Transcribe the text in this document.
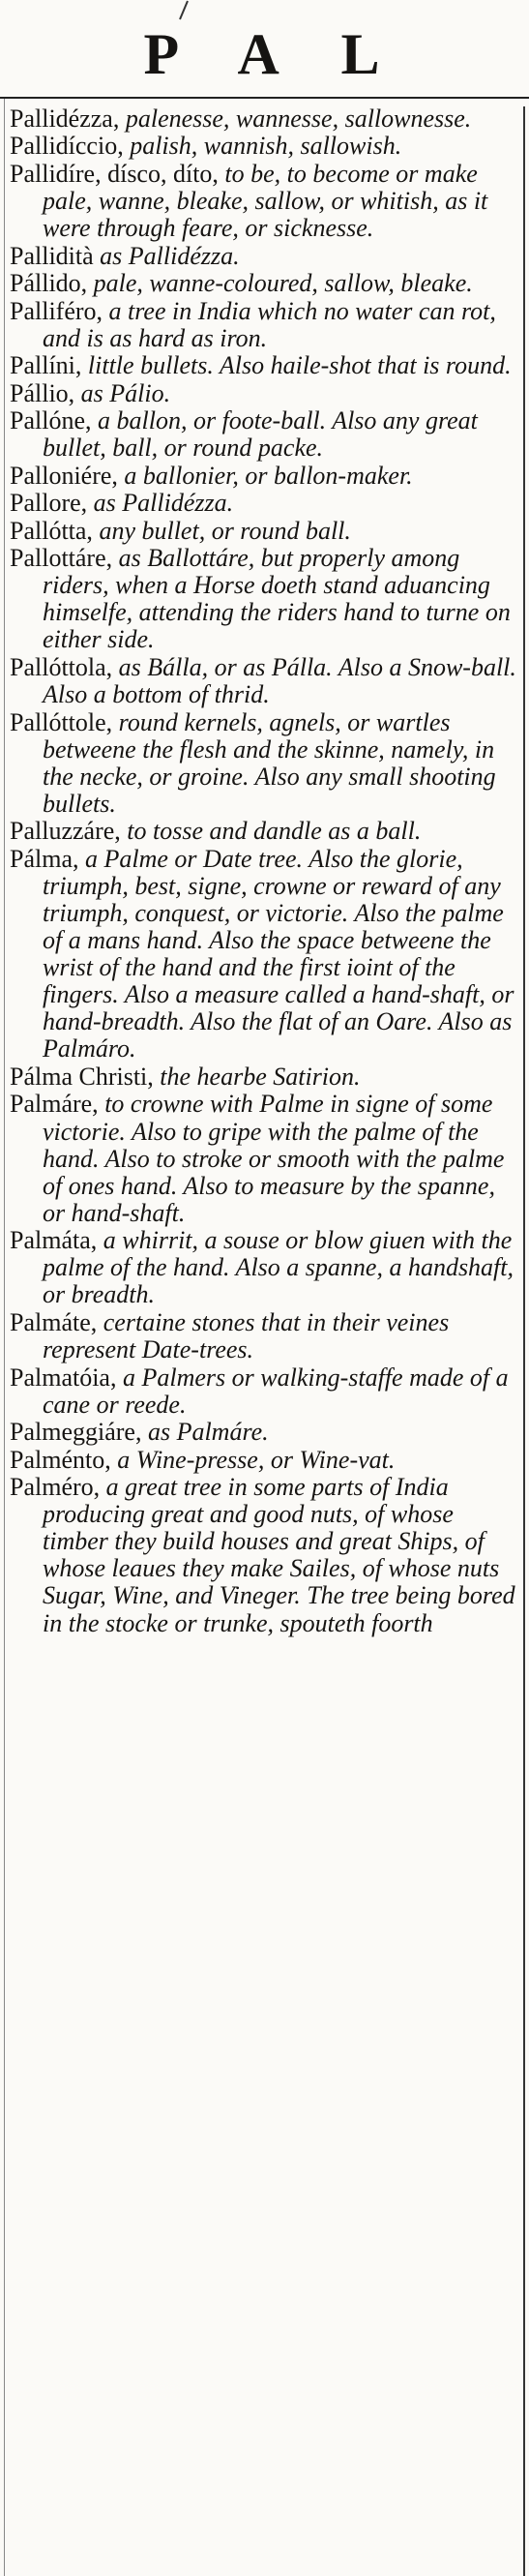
P A L

Pallidézza, palenesse, wannesse, sallownesse.

Pallidíccio, palish, wannish, sallowish.

Pallidíre, dísco, díto, to be, to become or make pale, wanne, bleake, sallow, or whitish, as it were through feare, or sicknesse.

Pallidità as Pallidézza.

Pállido, pale, wanne-coloured, sallow, bleake.

Palliféro, a tree in India which no water can rot, and is as hard as iron.

Pallíni, little bullets. Also haile-shot that is round.

Pállio, as Pálio.

Pallóne, a ballon, or foote-ball. Also any great bullet, ball, or round packe.

Palloniére, a ballonier, or ballon-maker.

Pallore, as Pallidézza.

Pallótta, any bullet, or round ball.

Pallottáre, as Ballottáre, but properly among riders, when a Horse doeth stand aduancing himselfe, attending the riders hand to turne on either side.

Pallóttola, as Bálla, or as Pálla. Also a Snow-ball. Also a bottom of thrid.

Pallóttole, round kernels, agnels, or wartles betweene the flesh and the skinne, namely, in the necke, or groine. Also any small shooting bullets.

Palluzzáre, to tosse and dandle as a ball.

Pálma, a Palme or Date tree. Also the glorie, triumph, best, signe, crowne or reward of any triumph, conquest, or victorie. Also the palme of a mans hand. Also the space betweene the wrist of the hand and the first ioint of the fingers. Also a measure called a hand-shaft, or hand-breadth. Also the flat of an Oare. Also as Palmáro.

Pálma Christi, the hearbe Satirion.

Palmáre, to crowne with Palme in signe of some victorie. Also to gripe with the palme of the hand. Also to stroke or smooth with the palme of ones hand. Also to measure by the spanne, or hand-shaft.

Palmáta, a whirrit, a souse or blow giuen with the palme of the hand. Also a spanne, a handshaft, or breadth.

Palmáte, certaine stones that in their veines represent Date-trees.

Palmatóia, a Palmers or walking-staffe made of a cane or reede.

Palmeggiáre, as Palmáre.

Palménto, a Wine-presse, or Wine-vat.

Palméro, a great tree in some parts of India producing great and good nuts, of whose timber they build houses and great Ships, of whose leaues they make Sailes, of whose nuts Sugar, Wine, and Vineger. The tree being bored in the stocke or trunke, spouteth foorth
